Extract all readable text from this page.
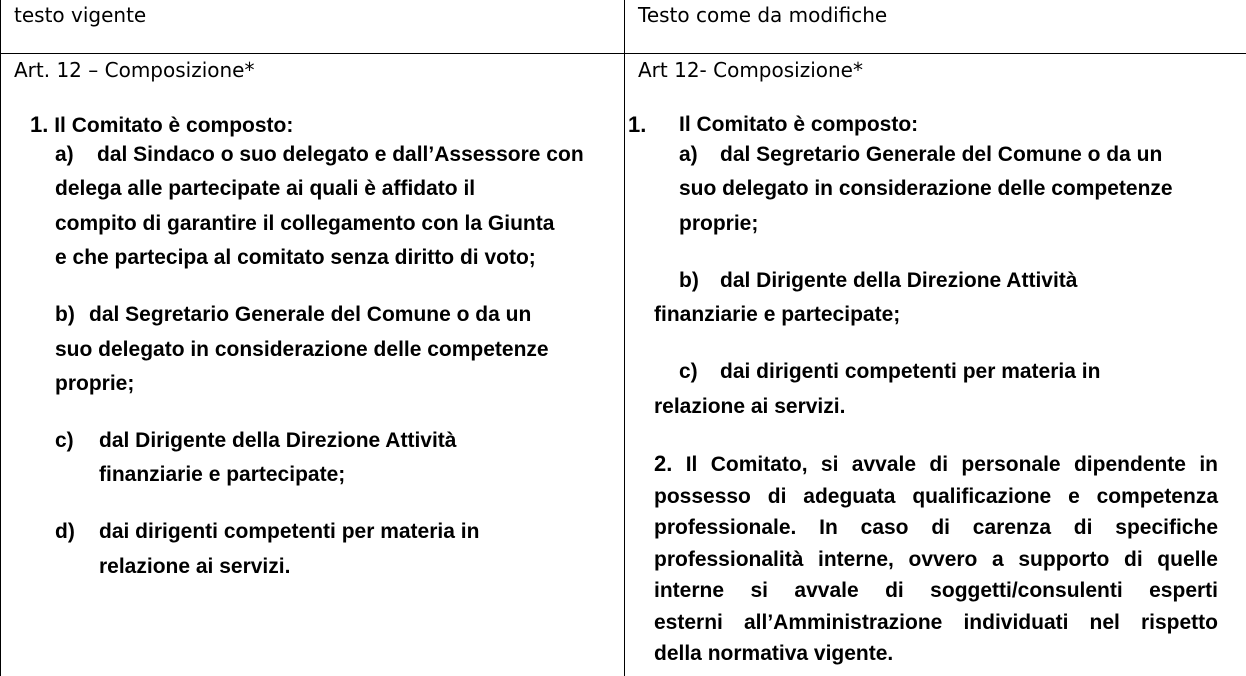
testo vigente	Testo come da modifiche
Art. 12 – Composizione*
1. Il Comitato è composto:
a) dal Sindaco o suo delegato e dall’Assessore con
delega alle partecipate ai quali è affidato il
compito di garantire il collegamento con la Giunta
e che partecipa al comitato senza diritto di voto;
b) dal Segretario Generale del Comune o da un
suo delegato in considerazione delle competenze
proprie;
c) dal Dirigente della Direzione Attività
finanziarie e partecipate;
d) dai dirigenti competenti per materia in
relazione ai servizi.
Art 12- Composizione*
1. Il Comitato è composto:
a) dal Segretario Generale del Comune o da un
suo delegato in considerazione delle competenze
proprie;
b) dal Dirigente della Direzione Attività
finanziarie e partecipate;
c) dai dirigenti competenti per materia in
relazione ai servizi.
2. Il Comitato, si avvale di personale dipendente in
possesso di adeguata qualificazione e competenza
professionale. In caso di carenza di specifiche
professionalità interne, ovvero a supporto di quelle
interne si avvale di soggetti/consulenti esperti
esterni all’Amministrazione individuati nel rispetto
della normativa vigente.
